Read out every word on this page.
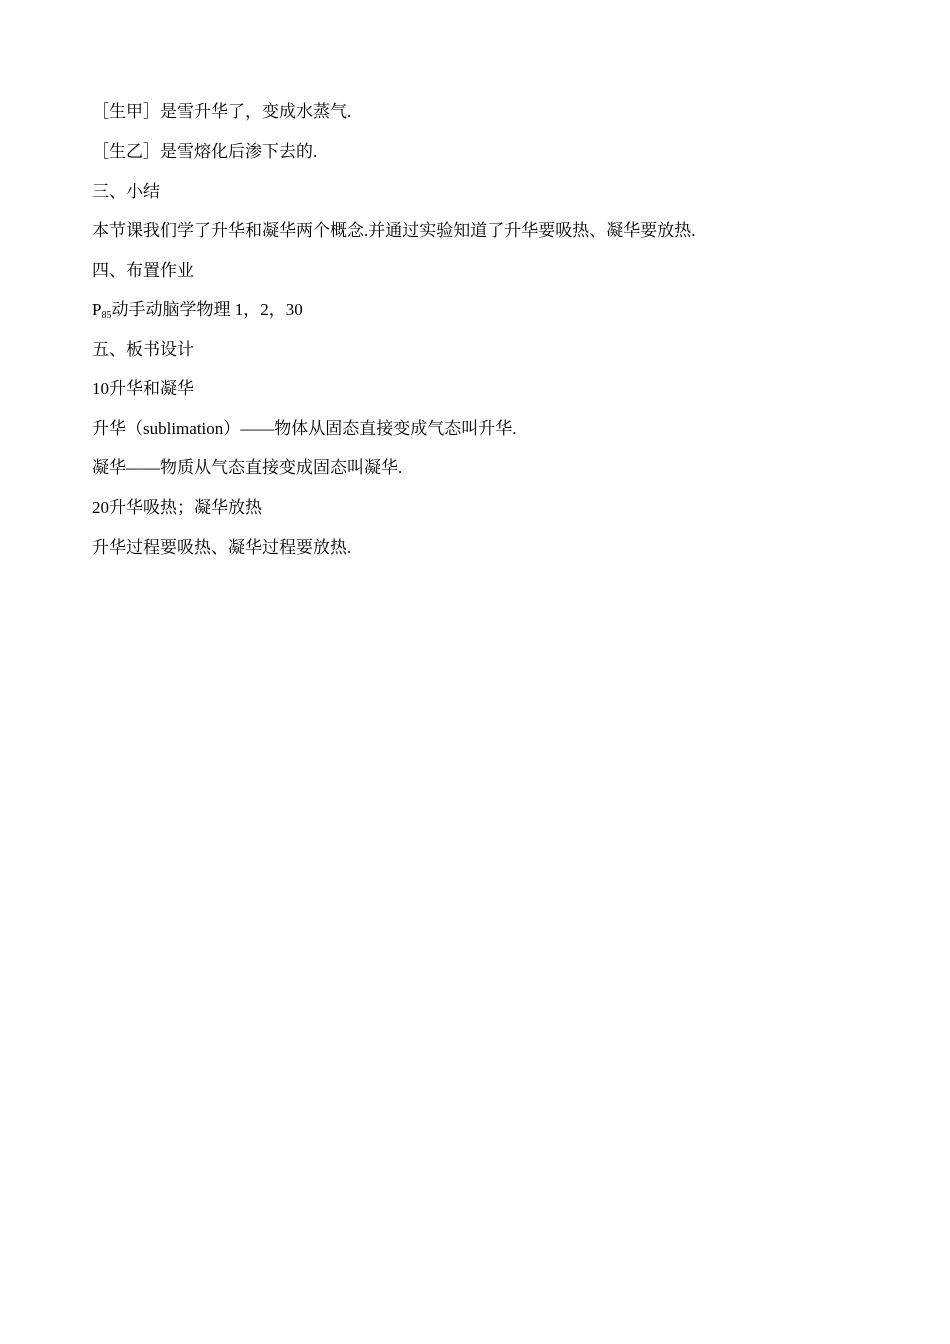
［生甲］是雪升华了，变成水蒸气.
［生乙］是雪熔化后渗下去的.
三、小结
本节课我们学了升华和凝华两个概念.并通过实验知道了升华要吸热、凝华要放热.
四、布置作业
$P_{85}$动手动脑学物理 1，2，30
五、板书设计
10升华和凝华
升华（sublimation）——物体从固态直接变成气态叫升华.
凝华——物质从气态直接变成固态叫凝华.
20升华吸热；凝华放热
升华过程要吸热、凝华过程要放热.
